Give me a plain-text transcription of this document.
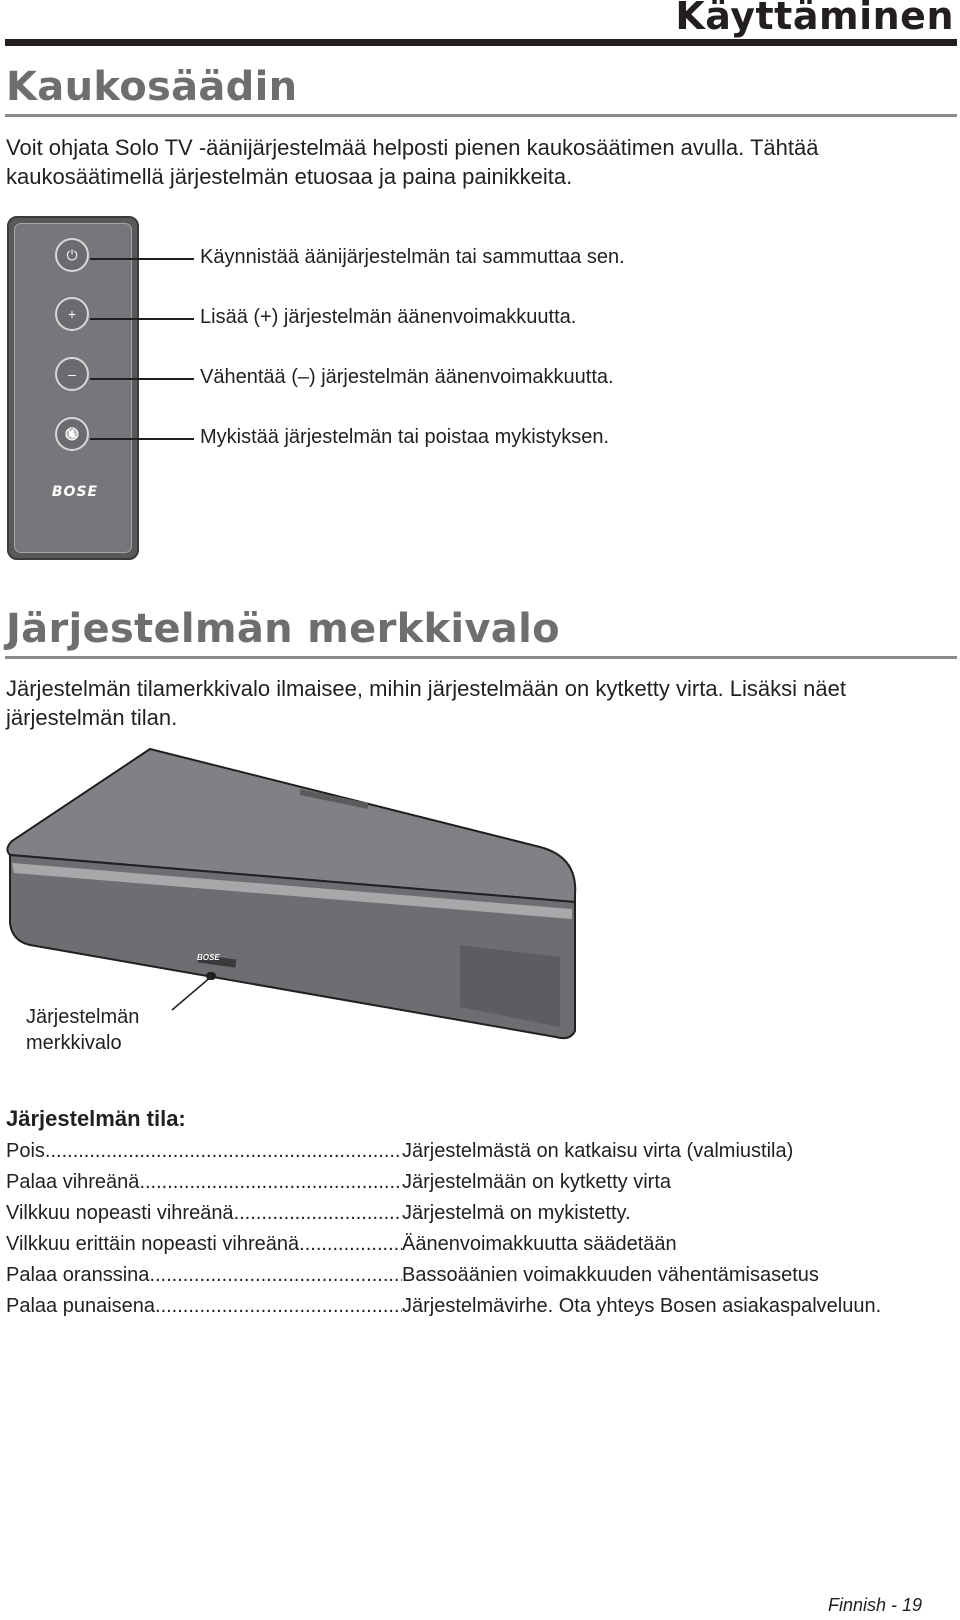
Käyttäminen
Kaukosäädin
Voit ohjata Solo TV -äänijärjestelmää helposti pienen kaukosäätimen avulla. Tähtää kaukosäätimellä järjestelmän etuosaa ja paina painikkeita.
⏻
+
–
🔇
BOSE
Käynnistää äänijärjestelmän tai sammuttaa sen.
Lisää (+) järjestelmän äänenvoimakkuutta.
Vähentää (–) järjestelmän äänenvoimakkuutta.
Mykistää järjestelmän tai poistaa mykistyksen.
Järjestelmän merkkivalo
Järjestelmän tilamerkkivalo ilmaisee, mihin järjestelmään on kytketty virta. Lisäksi näet järjestelmän tilan.
BOSE
Järjestelmän
merkkivalo
Järjestelmän tila:
Pois .....	Järjestelmästä on katkaisu virta (valmiustila)
Palaa vihreänä .....	Järjestelmään on kytketty virta
Vilkkuu nopeasti vihreänä .....	Järjestelmä on mykistetty.
Vilkkuu erittäin nopeasti vihreänä .....	Äänenvoimakkuutta säädetään
Palaa oranssina .....	Bassoäänien voimakkuuden vähentämisasetus
Palaa punaisena .....	Järjestelmävirhe. Ota yhteys Bosen asiakaspalveluun.
Finnish - 19
